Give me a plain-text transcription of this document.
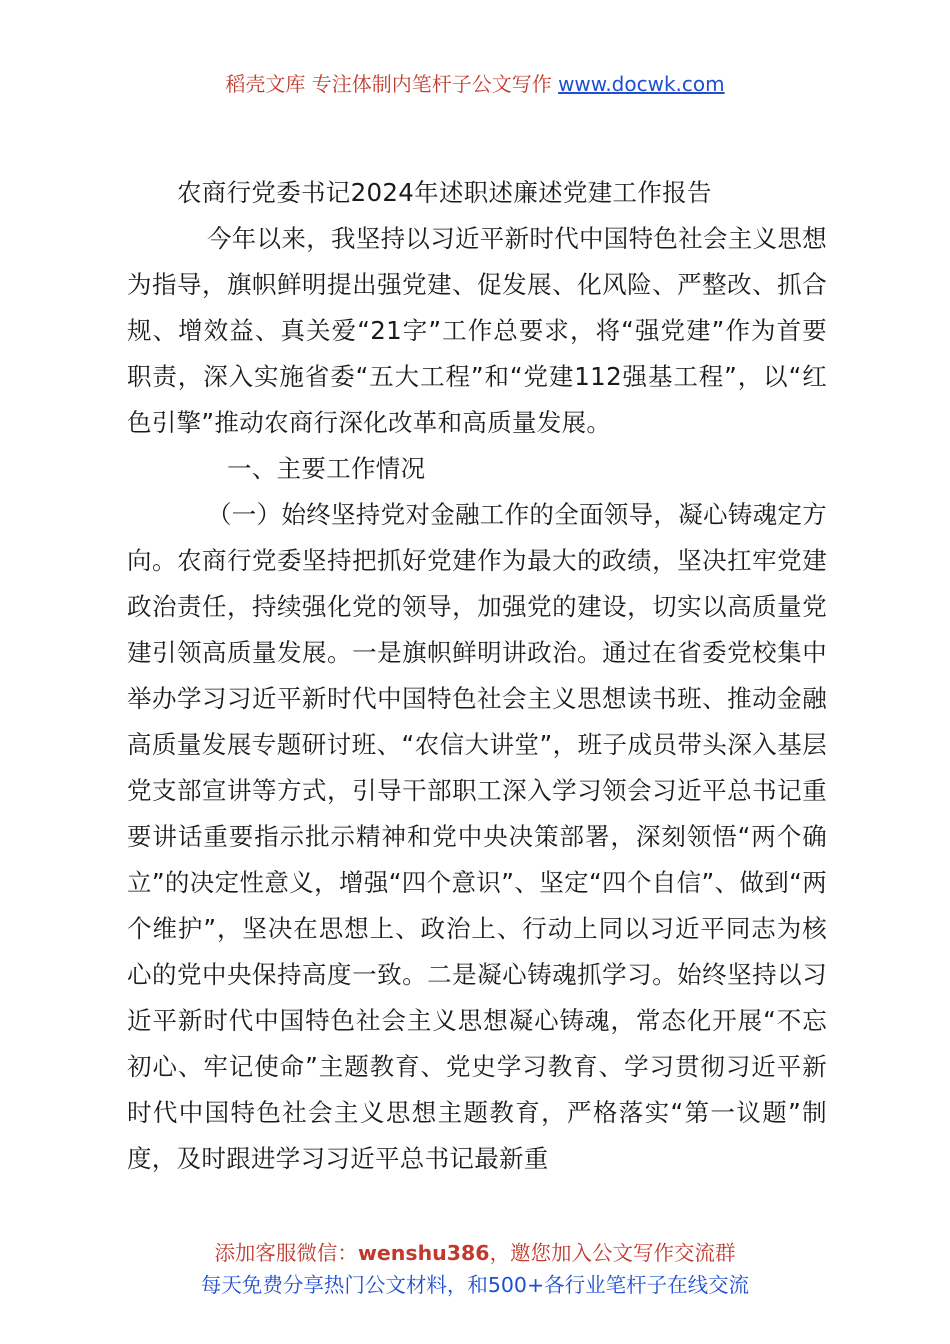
稻壳文库 专注体制内笔杆子公文写作 www.docwk.com
农商行党委书记2024年述职述廉述党建工作报告

今年以来，我坚持以习近平新时代中国特色社会主义思想为指导，旗帜鲜明提出强党建、促发展、化风险、严整改、抓合规、增效益、真关爱“21字”工作总要求，将“强党建”作为首要职责，深入实施省委“五大工程”和“党建112强基工程”，以“红色引擎”推动农商行深化改革和高质量发展。

一、主要工作情况

（一）始终坚持党对金融工作的全面领导，凝心铸魂定方向。农商行党委坚持把抓好党建作为最大的政绩，坚决扛牢党建政治责任，持续强化党的领导，加强党的建设，切实以高质量党建引领高质量发展。一是旗帜鲜明讲政治。通过在省委党校集中举办学习习近平新时代中国特色社会主义思想读书班、推动金融高质量发展专题研讨班、“农信大讲堂”，班子成员带头深入基层党支部宣讲等方式，引导干部职工深入学习领会习近平总书记重要讲话重要指示批示精神和党中央决策部署，深刻领悟“两个确立”的决定性意义，增强“四个意识”、坚定“四个自信”、做到“两个维护”，坚决在思想上、政治上、行动上同以习近平同志为核心的党中央保持高度一致。二是凝心铸魂抓学习。始终坚持以习近平新时代中国特色社会主义思想凝心铸魂，常态化开展“不忘初心、牢记使命”主题教育、党史学习教育、学习贯彻习近平新时代中国特色社会主义思想主题教育，严格落实“第一议题”制度，及时跟进学习习近平总书记最新重

添加客服微信：wenshu386，邀您加入公文写作交流群
每天免费分享热门公文材料，和500+各行业笔杆子在线交流
